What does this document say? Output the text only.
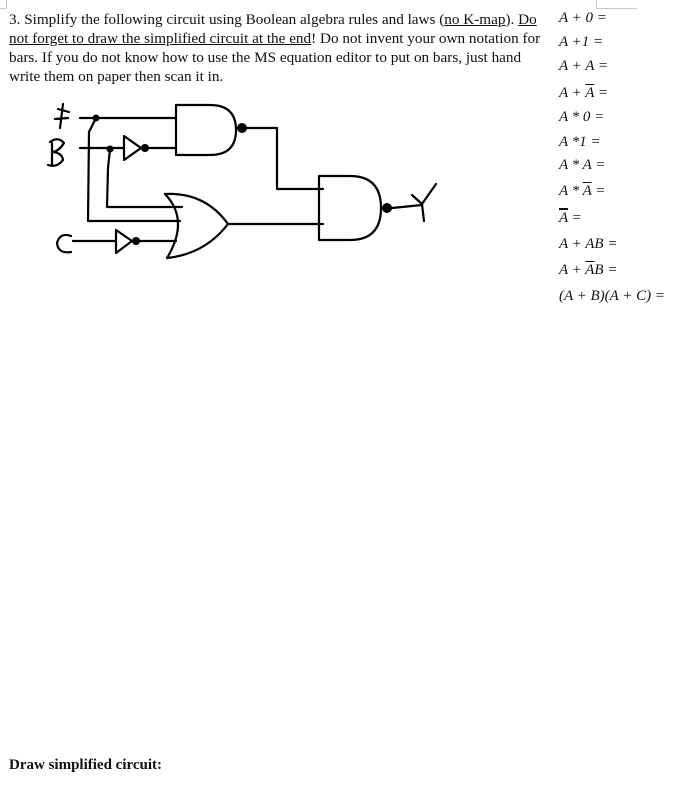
3. Simplify the following circuit using Boolean algebra rules and laws (no K-map). Do not forget to draw the simplified circuit at the end! Do not invent your own notation for bars. If you do not know how to use the MS equation editor to put on bars, just hand write them on paper then scan it in.

A + 0 =
A +1 =
A + A =
$A + \overline{A}$ =
A * 0 =
A *1 =
A * A =
A * $\overline{A}$ =
$\overline{A}$ =
A + AB =
$A + \overline{A}B$ =
(A + B)(A + C) =
Draw simplified circuit:
